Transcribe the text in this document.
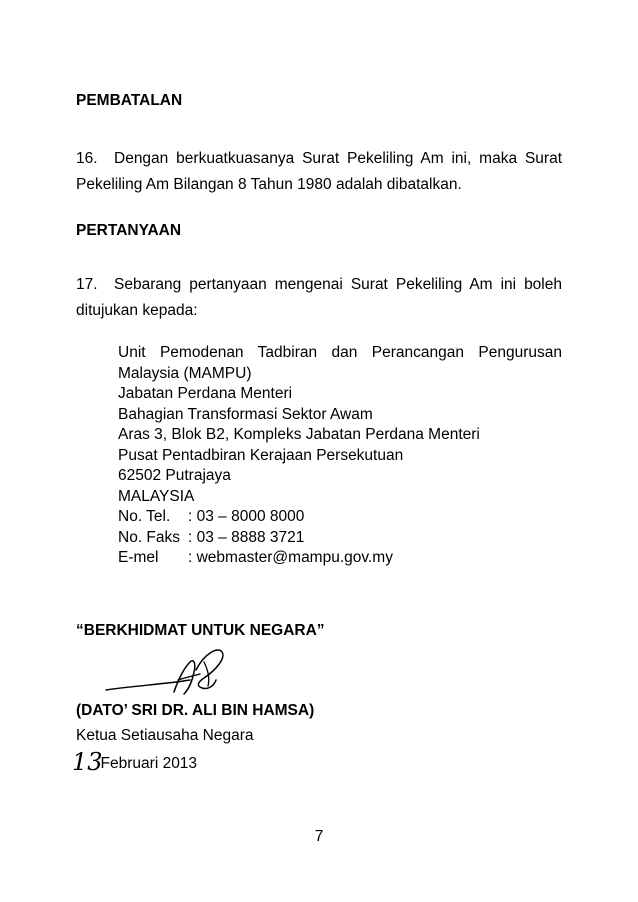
PEMBATALAN
16.	Dengan berkuatkuasanya Surat Pekeliling Am ini, maka Surat
Pekeliling Am Bilangan 8 Tahun 1980 adalah dibatalkan.
PERTANYAAN
17.	Sebarang pertanyaan mengenai Surat Pekeliling Am ini boleh
ditujukan kepada:
Unit Pemodenan Tadbiran dan Perancangan Pengurusan
Malaysia (MAMPU)
Jabatan Perdana Menteri
Bahagian Transformasi Sektor Awam
Aras 3, Blok B2, Kompleks Jabatan Perdana Menteri
Pusat Pentadbiran Kerajaan Persekutuan
62502 Putrajaya
MALAYSIA
No. Tel.	: 03 – 8000 8000
No. Faks : 03 – 8888 3721
E-mel	: webmaster@mampu.gov.my
“BERKHIDMAT UNTUK NEGARA”
(DATO’ SRI DR. ALI BIN HAMSA)
Ketua Setiausaha Negara
13Februari 2013
7
